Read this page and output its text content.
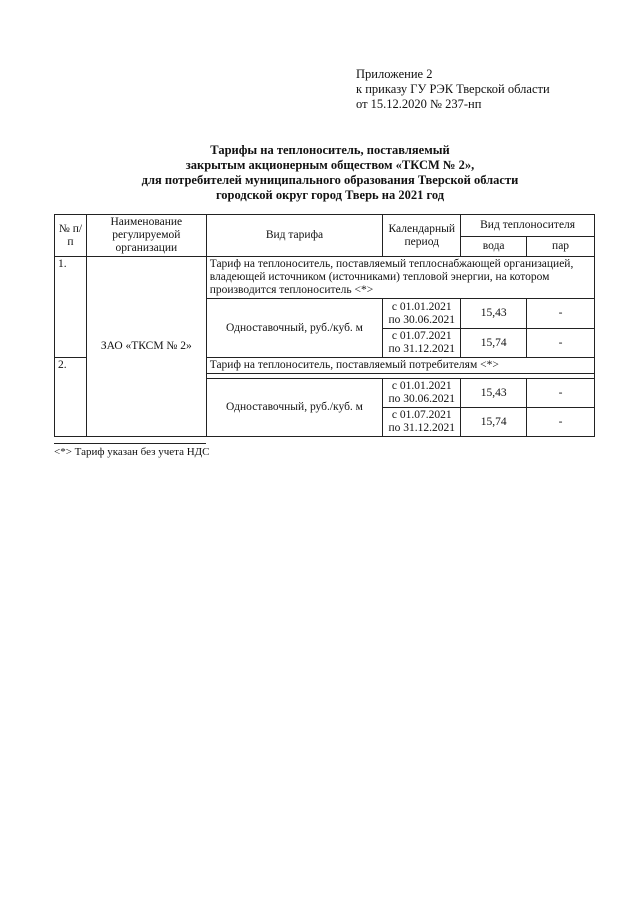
Приложение 2
к приказу ГУ РЭК Тверской области
от 15.12.2020 № 237-нп
Тарифы на теплоноситель, поставляемый
закрытым акционерным обществом «ТКСМ № 2»,
для потребителей муниципального образования Тверской области
городской округ город Тверь на 2021 год
№ п/п	Наименование регулируемой организации	Вид тарифа	Календарный период	Вид теплоносителя	
				вода	пар
1.	ЗАО «ТКСМ № 2»	Тариф на теплоноситель, поставляемый теплоснабжающей организацией, владеющей источником (источниками) тепловой энергии, на котором производится теплоноситель <*>			
		Одноставочный, руб./куб. м	с 01.01.2021
по 30.06.2021	15,43	-
			с 01.07.2021
по 31.12.2021	15,74	-
2.		Тариф на теплоноситель, поставляемый потребителям <*>			

		Одноставочный, руб./куб. м	с 01.01.2021
по 30.06.2021	15,43	-
			с 01.07.2021
по 31.12.2021	15,74	-
<*> Тариф указан без учета НДС
